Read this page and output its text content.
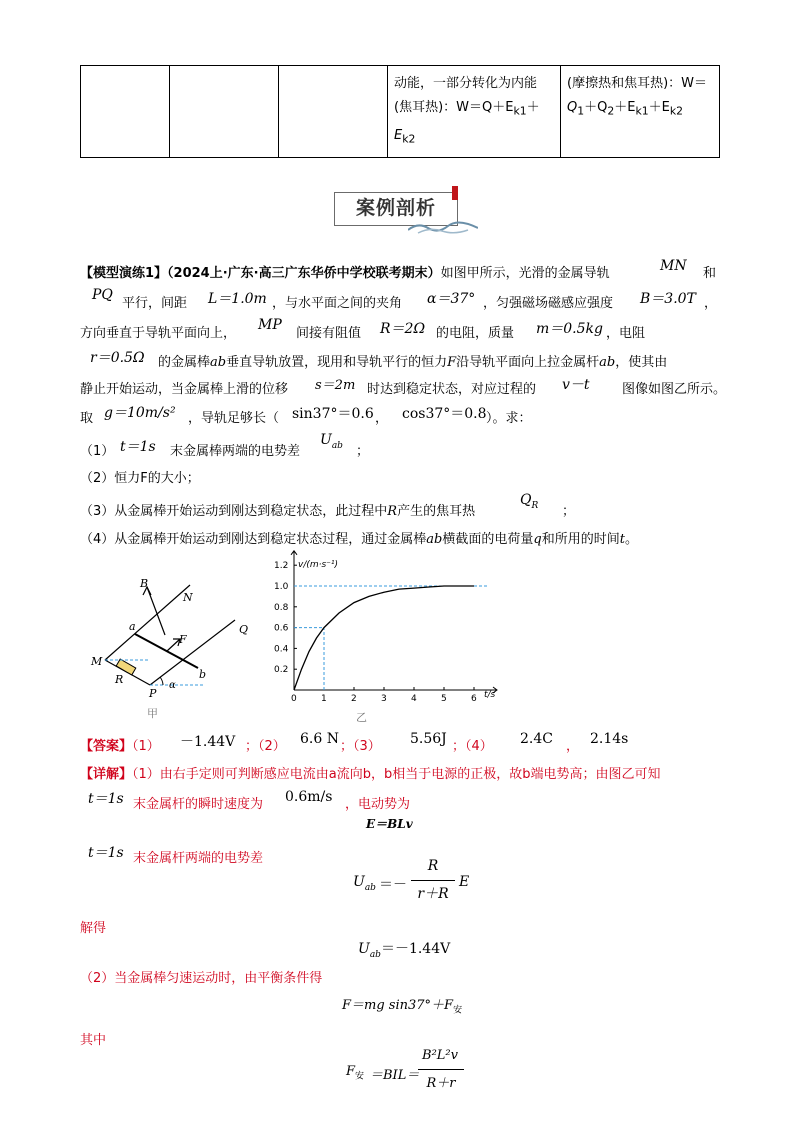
			动能，一部分转化为内能
(焦耳热)：$W=Q+E_{k1}+$
$E_{k2}$	(摩擦热和焦耳热)：W＝
$Q_1+Q_2+E_{k1}+E_{k2}$
案例剖析
【模型演练1】（2024上·广东·高三广东华侨中学校联考期末）如图甲所示，光滑的金属导轨	MN 和
PQ
平行，间距 L＝1.0m ，与水平面之间的夹角 α＝37° ，匀强磁场磁感应强度 B＝3.0T ，
方向垂直于导轨平面向上，
MP
间接有阻值 R＝2Ω 的电阻，质量 m＝0.5kg ，电阻
r＝0.5Ω 的金属棒ab垂直导轨放置，现用和导轨平行的恒力F沿导轨平面向上拉金属杆ab，使其由
静止开始运动，当金属棒上滑的位移 s＝2m 时达到稳定状态，对应过程的 v－t 图像如图乙所示。
取 g＝10m/s² ，导轨足够长（ sin37°＝0.6 ， cos37°＝0.8 ）。求：
（1） t＝1s 末金属棒两端的电势差
$U_{ab}$ ；
（2）恒力F的大小；
（3）从金属棒开始运动到刚达到稳定状态，此过程中R产生的焦耳热
$Q_R$ ；
（4）从金属棒开始运动到刚达到稳定状态过程，通过金属棒ab横截面的电荷量q和所用的时间t。
B
N
a
F
Q
M
b
R
P
α
甲
0	1	2	3	4	5	6
0.2
0.4
0.6
0.8
1.0
1.2 v/(m·s⁻¹)
t/s
乙
【答案】（1） －1.44V ；（2） 6.6 N ；（3） 5.56J ；（4） 2.4C ， 2.14s
【详解】（1）由右手定则可判断感应电流由a流向b，b相当于电源的正极，故b端电势高；由图乙可知
t＝1s 末金属杆的瞬时速度为 0.6m/s ，电动势为
E＝BLv
t＝1s 末金属杆两端的电势差
$U_{ab}$ ＝－
R
r＋R
E
解得
$U_{ab}=-1.44V$
（2）当金属棒匀速运动时，由平衡条件得
F＝mg $\sin 37^\circ+F_安$
其中
$F_安 =BIL=$
B²L²v
R＋r
